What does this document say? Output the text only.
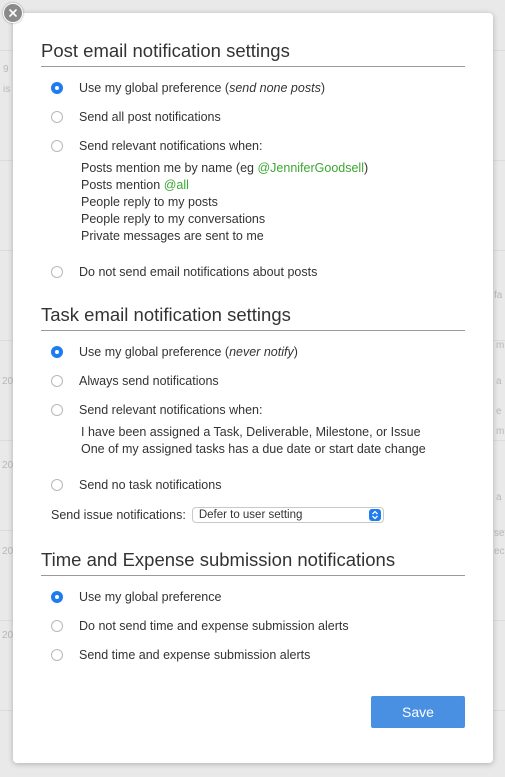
9
is
20
20
20
20
m
m
a
fa
a
se
ec
e
Post email notification settings
Use my global preference (send none posts)
Send all post notifications
Send relevant notifications when:
Posts mention me by name (eg @JenniferGoodsell)
Posts mention @all
People reply to my posts
People reply to my conversations
Private messages are sent to me
Do not send email notifications about posts
Task email notification settings
Use my global preference (never notify)
Always send notifications
Send relevant notifications when:
I have been assigned a Task, Deliverable, Milestone, or Issue
One of my assigned tasks has a due date or start date change
Send no task notifications
Send issue notifications:	Defer to user setting
Time and Expense submission notifications
Use my global preference
Do not send time and expense submission alerts
Send time and expense submission alerts
Save
